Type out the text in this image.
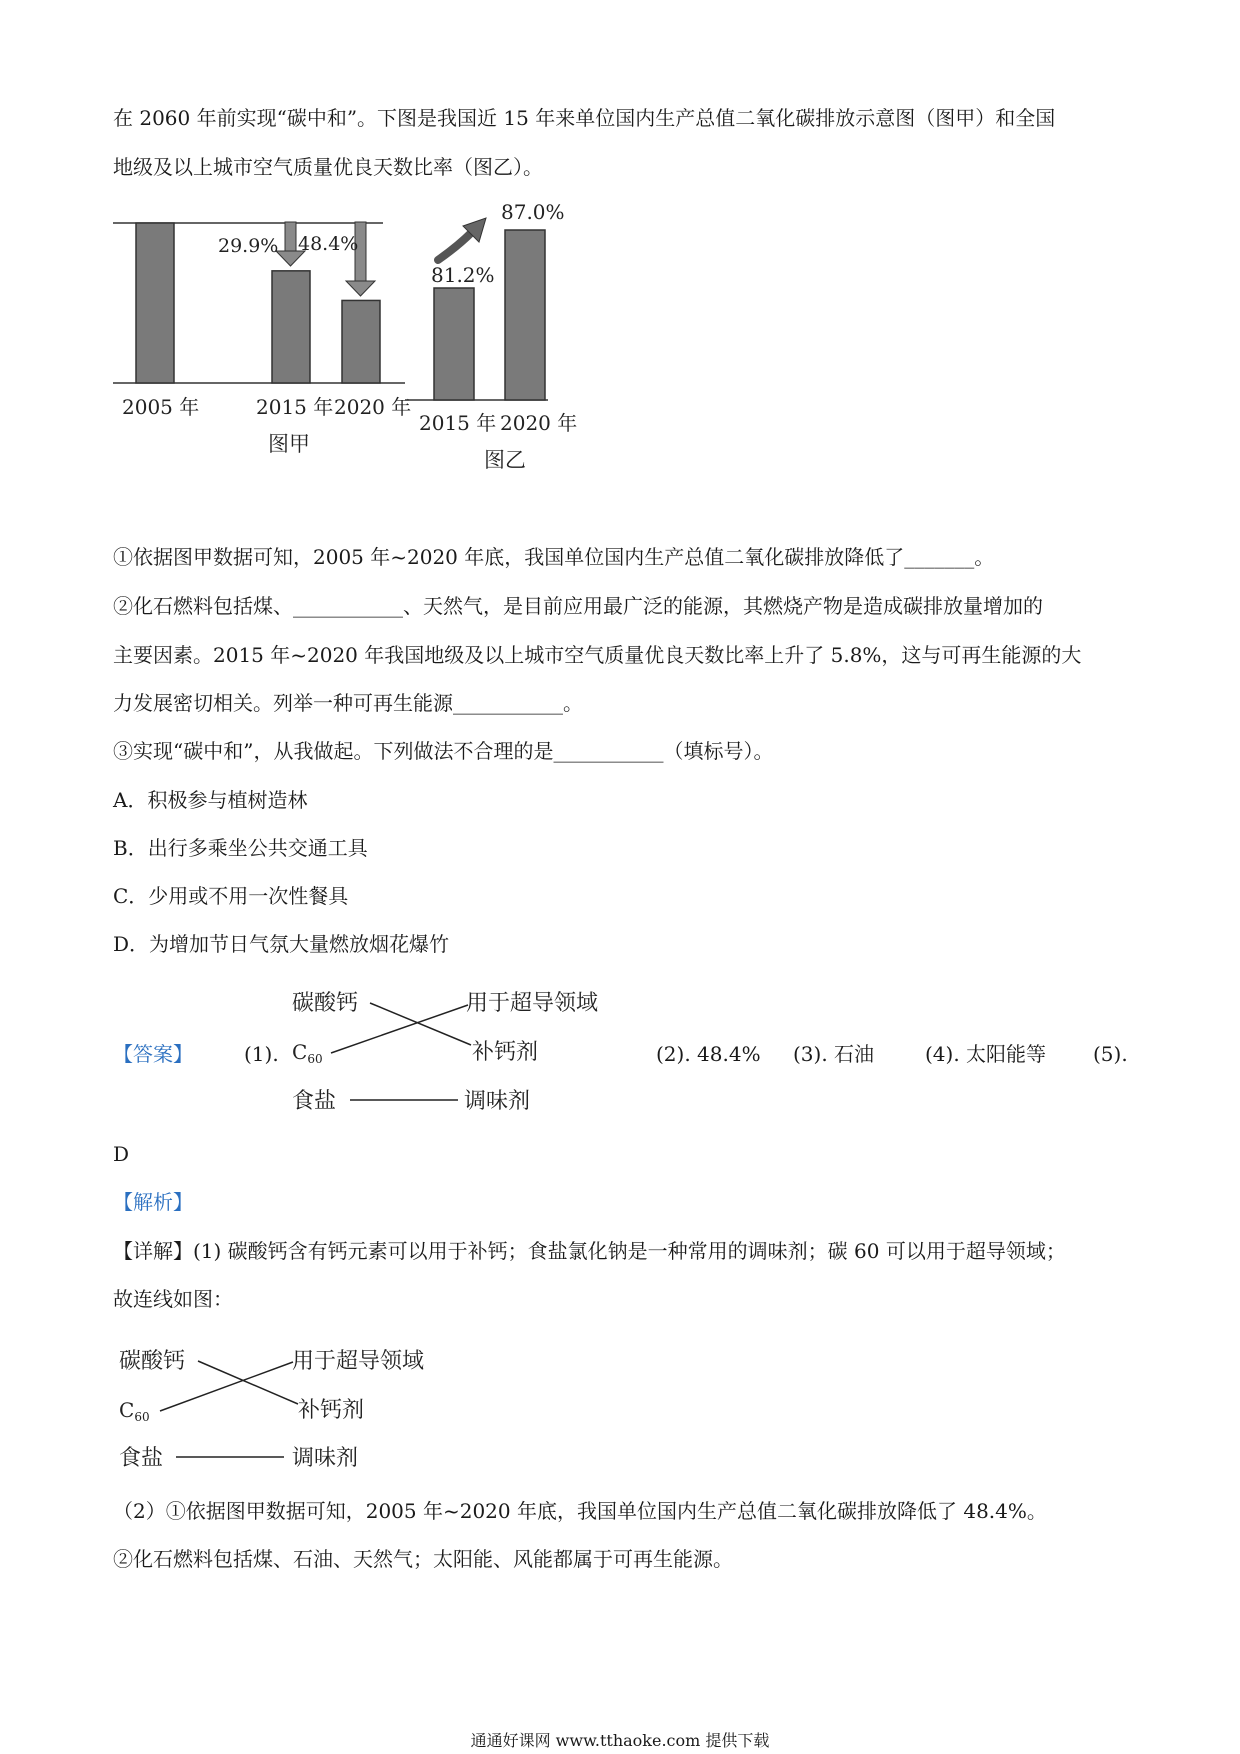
在 2060 年前实现“碳中和”。下图是我国近 15 年来单位国内生产总值二氧化碳排放示意图（图甲）和全国
地级及以上城市空气质量优良天数比率（图乙）。
29.9% 48.4%
2005 年	2015 年 2020 年
图甲
81.2%
87.0%
2015 年 2020 年
图乙
①依据图甲数据可知，2005 年~2020 年底，我国单位国内生产总值二氧化碳排放降低了_______。
②化石燃料包括煤、___________、天然气，是目前应用最广泛的能源，其燃烧产物是造成碳排放量增加的
主要因素。2015 年~2020 年我国地级及以上城市空气质量优良天数比率上升了 5.8%，这与可再生能源的大
力发展密切相关。列举一种可再生能源___________。
③实现“碳中和”，从我做起。下列做法不合理的是___________（填标号）。
A．积极参与植树造林
B．出行多乘坐公共交通工具
C．少用或不用一次性餐具
D．为增加节日气氛大量燃放烟花爆竹
【答案】	(1).	(2). 48.4% (3). 石油	(4). 太阳能等 (5).
碳酸钙
$C_{60}$
食盐
用于超导领域
补钙剂
调味剂
D
【解析】
【详解】(1) 碳酸钙含有钙元素可以用于补钙；食盐氯化钠是一种常用的调味剂；碳 60 可以用于超导领域；
故连线如图：
碳酸钙
$C_{60}$
食盐
用于超导领域
补钙剂
调味剂
（2）①依据图甲数据可知，2005 年~2020 年底，我国单位国内生产总值二氧化碳排放降低了 48.4%。
②化石燃料包括煤、石油、天然气；太阳能、风能都属于可再生能源。
通通好课网 www.tthaoke.com 提供下载
